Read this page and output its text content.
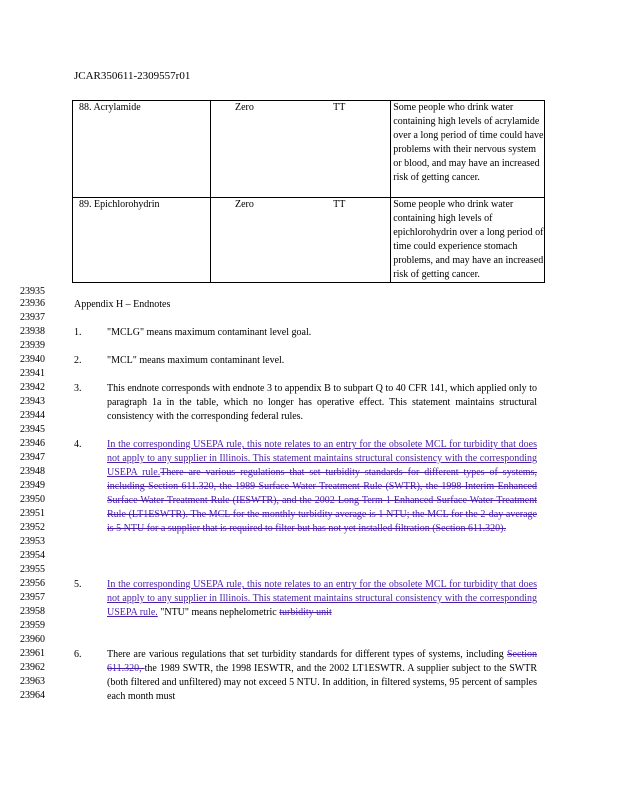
JCAR350611-2309557r01
88. Acrylamide	Zero	TT	Some people who drink water containing high levels of acrylamide over a long period of time could have problems with their nervous system or blood, and may have an increased risk of getting cancer.
89. Epichlorohydrin	Zero	TT	Some people who drink water containing high levels of epichlorohydrin over a long period of time could experience stomach problems, and may have an increased risk of getting cancer.
23935
23936
23937
23938
23939
23940
23941
23942
23943
23944
23945
23946
23947
23948
23949
23950
23951
23952
23953
23954
23955
23956
23957
23958
23959
23960
23961
23962
23963
23964
Appendix H – Endnotes
1.	"MCLG" means maximum contaminant level goal.
2.	"MCL" means maximum contaminant level.
3.	This endnote corresponds with endnote 3 to appendix B to subpart Q to 40 CFR 141, which applied only to paragraph 1a in the table, which no longer has operative effect. This statement maintains structural consistency with the corresponding federal rules.
4.	In the corresponding USEPA rule, this note relates to an entry for the obsolete MCL for turbidity that does not apply to any supplier in Illinois. This statement maintains structural consistency with the corresponding USEPA rule.There are various regulations that set turbidity standards for different types of systems, including Section 611.320, the 1989 Surface Water Treatment Rule (SWTR), the 1998 Interim Enhanced Surface Water Treatment Rule (IESWTR), and the 2002 Long Term 1 Enhanced Surface Water Treatment Rule (LT1ESWTR). The MCL for the monthly turbidity average is 1 NTU; the MCL for the 2-day average is 5 NTU for a supplier that is required to filter but has not yet installed filtration (Section 611.320).
5.	In the corresponding USEPA rule, this note relates to an entry for the obsolete MCL for turbidity that does not apply to any supplier in Illinois. This statement maintains structural consistency with the corresponding USEPA rule. "NTU" means nephelometric turbidity unit
6.	There are various regulations that set turbidity standards for different types of systems, including Section 611.320, the 1989 SWTR, the 1998 IESWTR, and the 2002 LT1ESWTR. A supplier subject to the SWTR (both filtered and unfiltered) may not exceed 5 NTU. In addition, in filtered systems, 95 percent of samples each month must
